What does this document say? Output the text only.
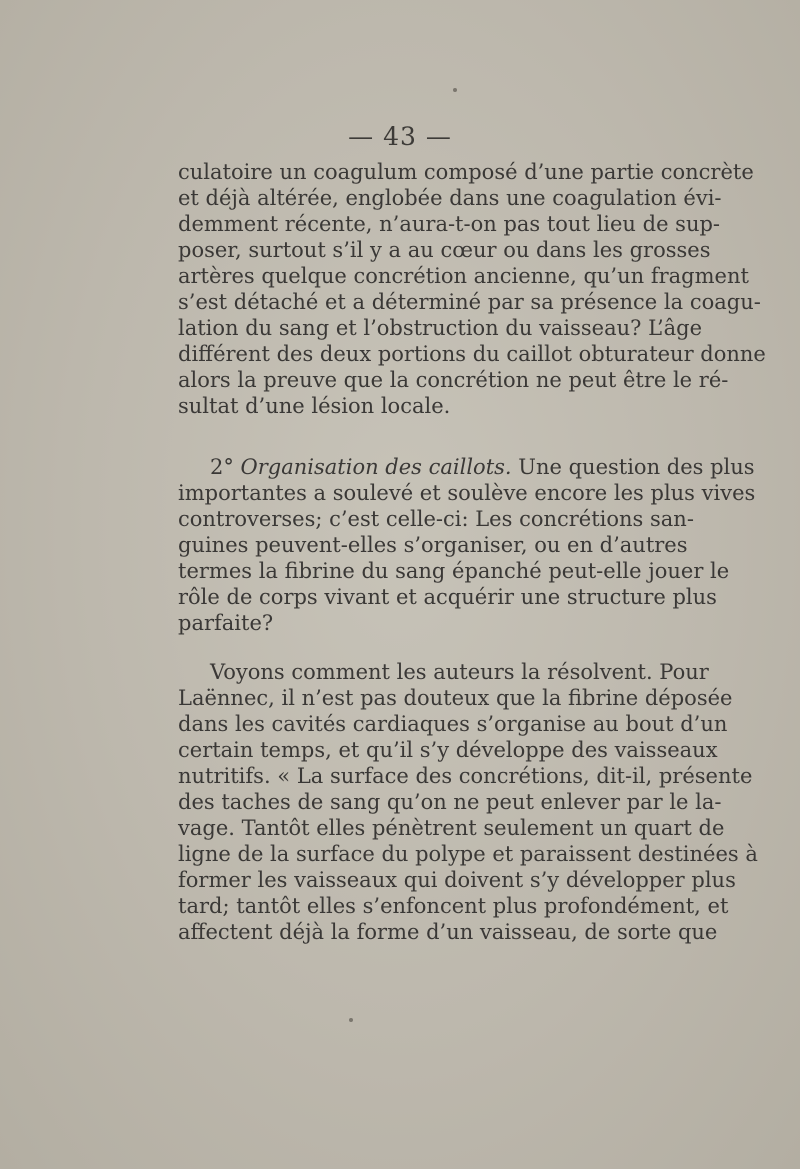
— 43 —
culatoire un coagulum composé d’une partie concrète
et déjà altérée, englobée dans une coagulation évi-
demment récente, n’aura-t-on pas tout lieu de sup-
poser, surtout s’il y a au cœur ou dans les grosses
artères quelque concrétion ancienne, qu’un fragment
s’est détaché et a déterminé par sa présence la coagu-
lation du sang et l’obstruction du vaisseau? L’âge
différent des deux portions du caillot obturateur donne
alors la preuve que la concrétion ne peut être le ré-
sultat d’une lésion locale.
2° Organisation des caillots. Une question des plus
importantes a soulevé et soulève encore les plus vives
controverses; c’est celle-ci: Les concrétions san-
guines peuvent-elles s’organiser, ou en d’autres
termes la fibrine du sang épanché peut-elle jouer le
rôle de corps vivant et acquérir une structure plus
parfaite?
Voyons comment les auteurs la résolvent. Pour
Laënnec, il n’est pas douteux que la fibrine déposée
dans les cavités cardiaques s’organise au bout d’un
certain temps, et qu’il s’y développe des vaisseaux
nutritifs. « La surface des concrétions, dit-il, présente
des taches de sang qu’on ne peut enlever par le la-
vage. Tantôt elles pénètrent seulement un quart de
ligne de la surface du polype et paraissent destinées à
former les vaisseaux qui doivent s’y développer plus
tard; tantôt elles s’enfoncent plus profondément, et
affectent déjà la forme d’un vaisseau, de sorte que
